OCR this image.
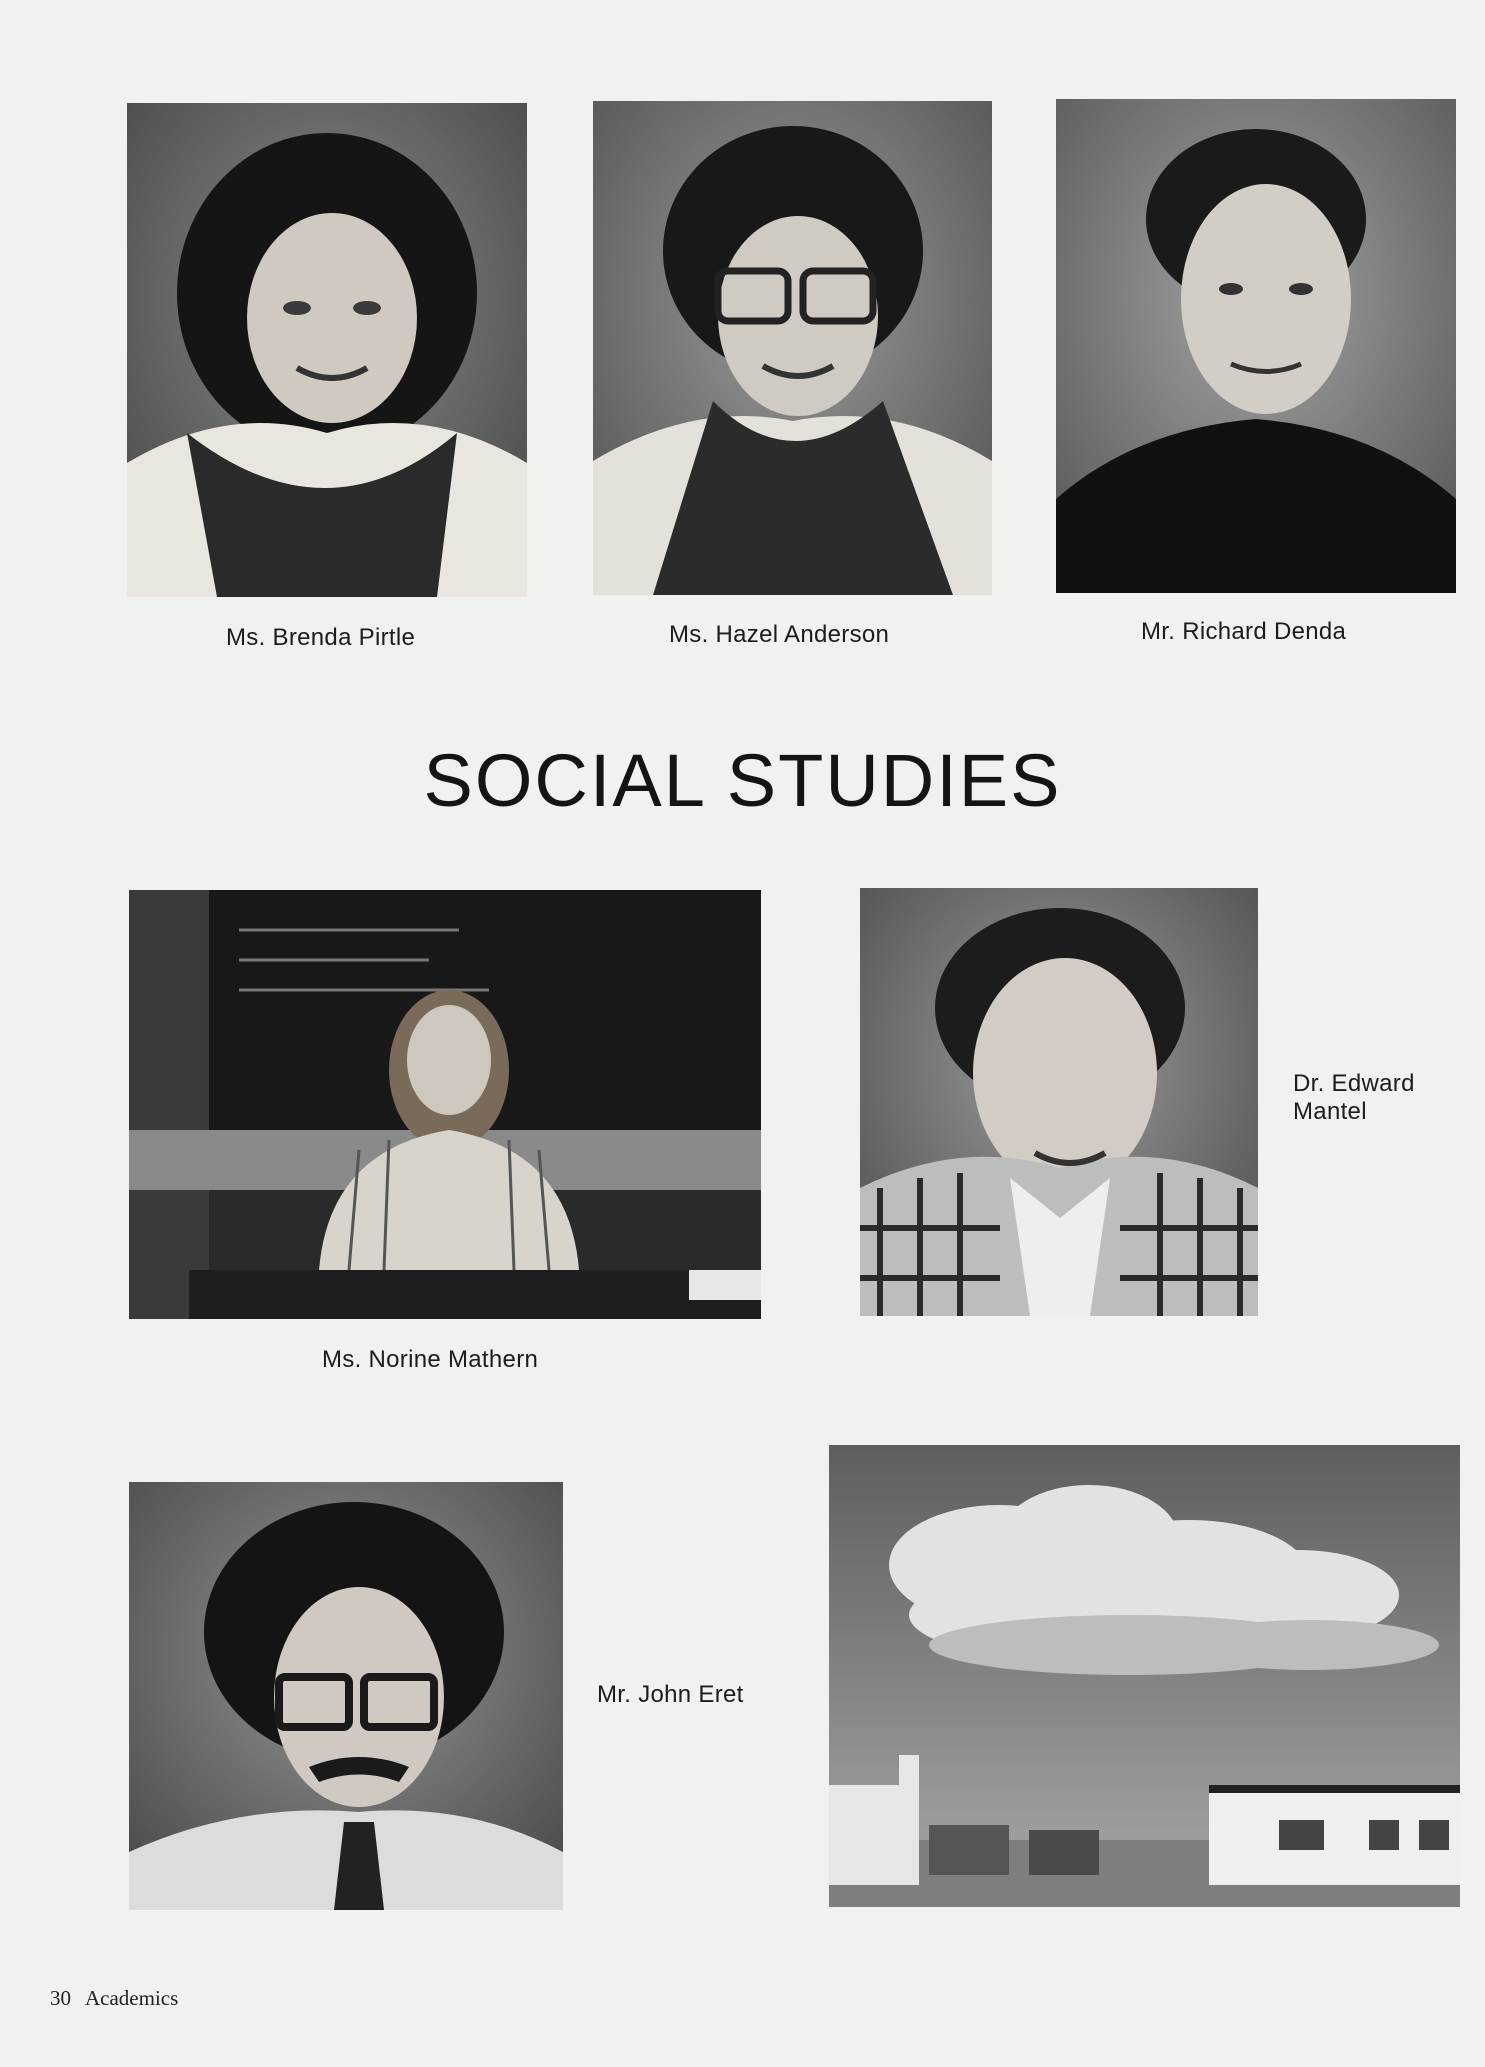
Ms. Brenda Pirtle	Ms. Hazel Anderson	Mr. Richard Denda
SOCIAL STUDIES
Ms. Norine Mathern
Dr. Edward
Mantel
Mr. John Eret
30 Academics
